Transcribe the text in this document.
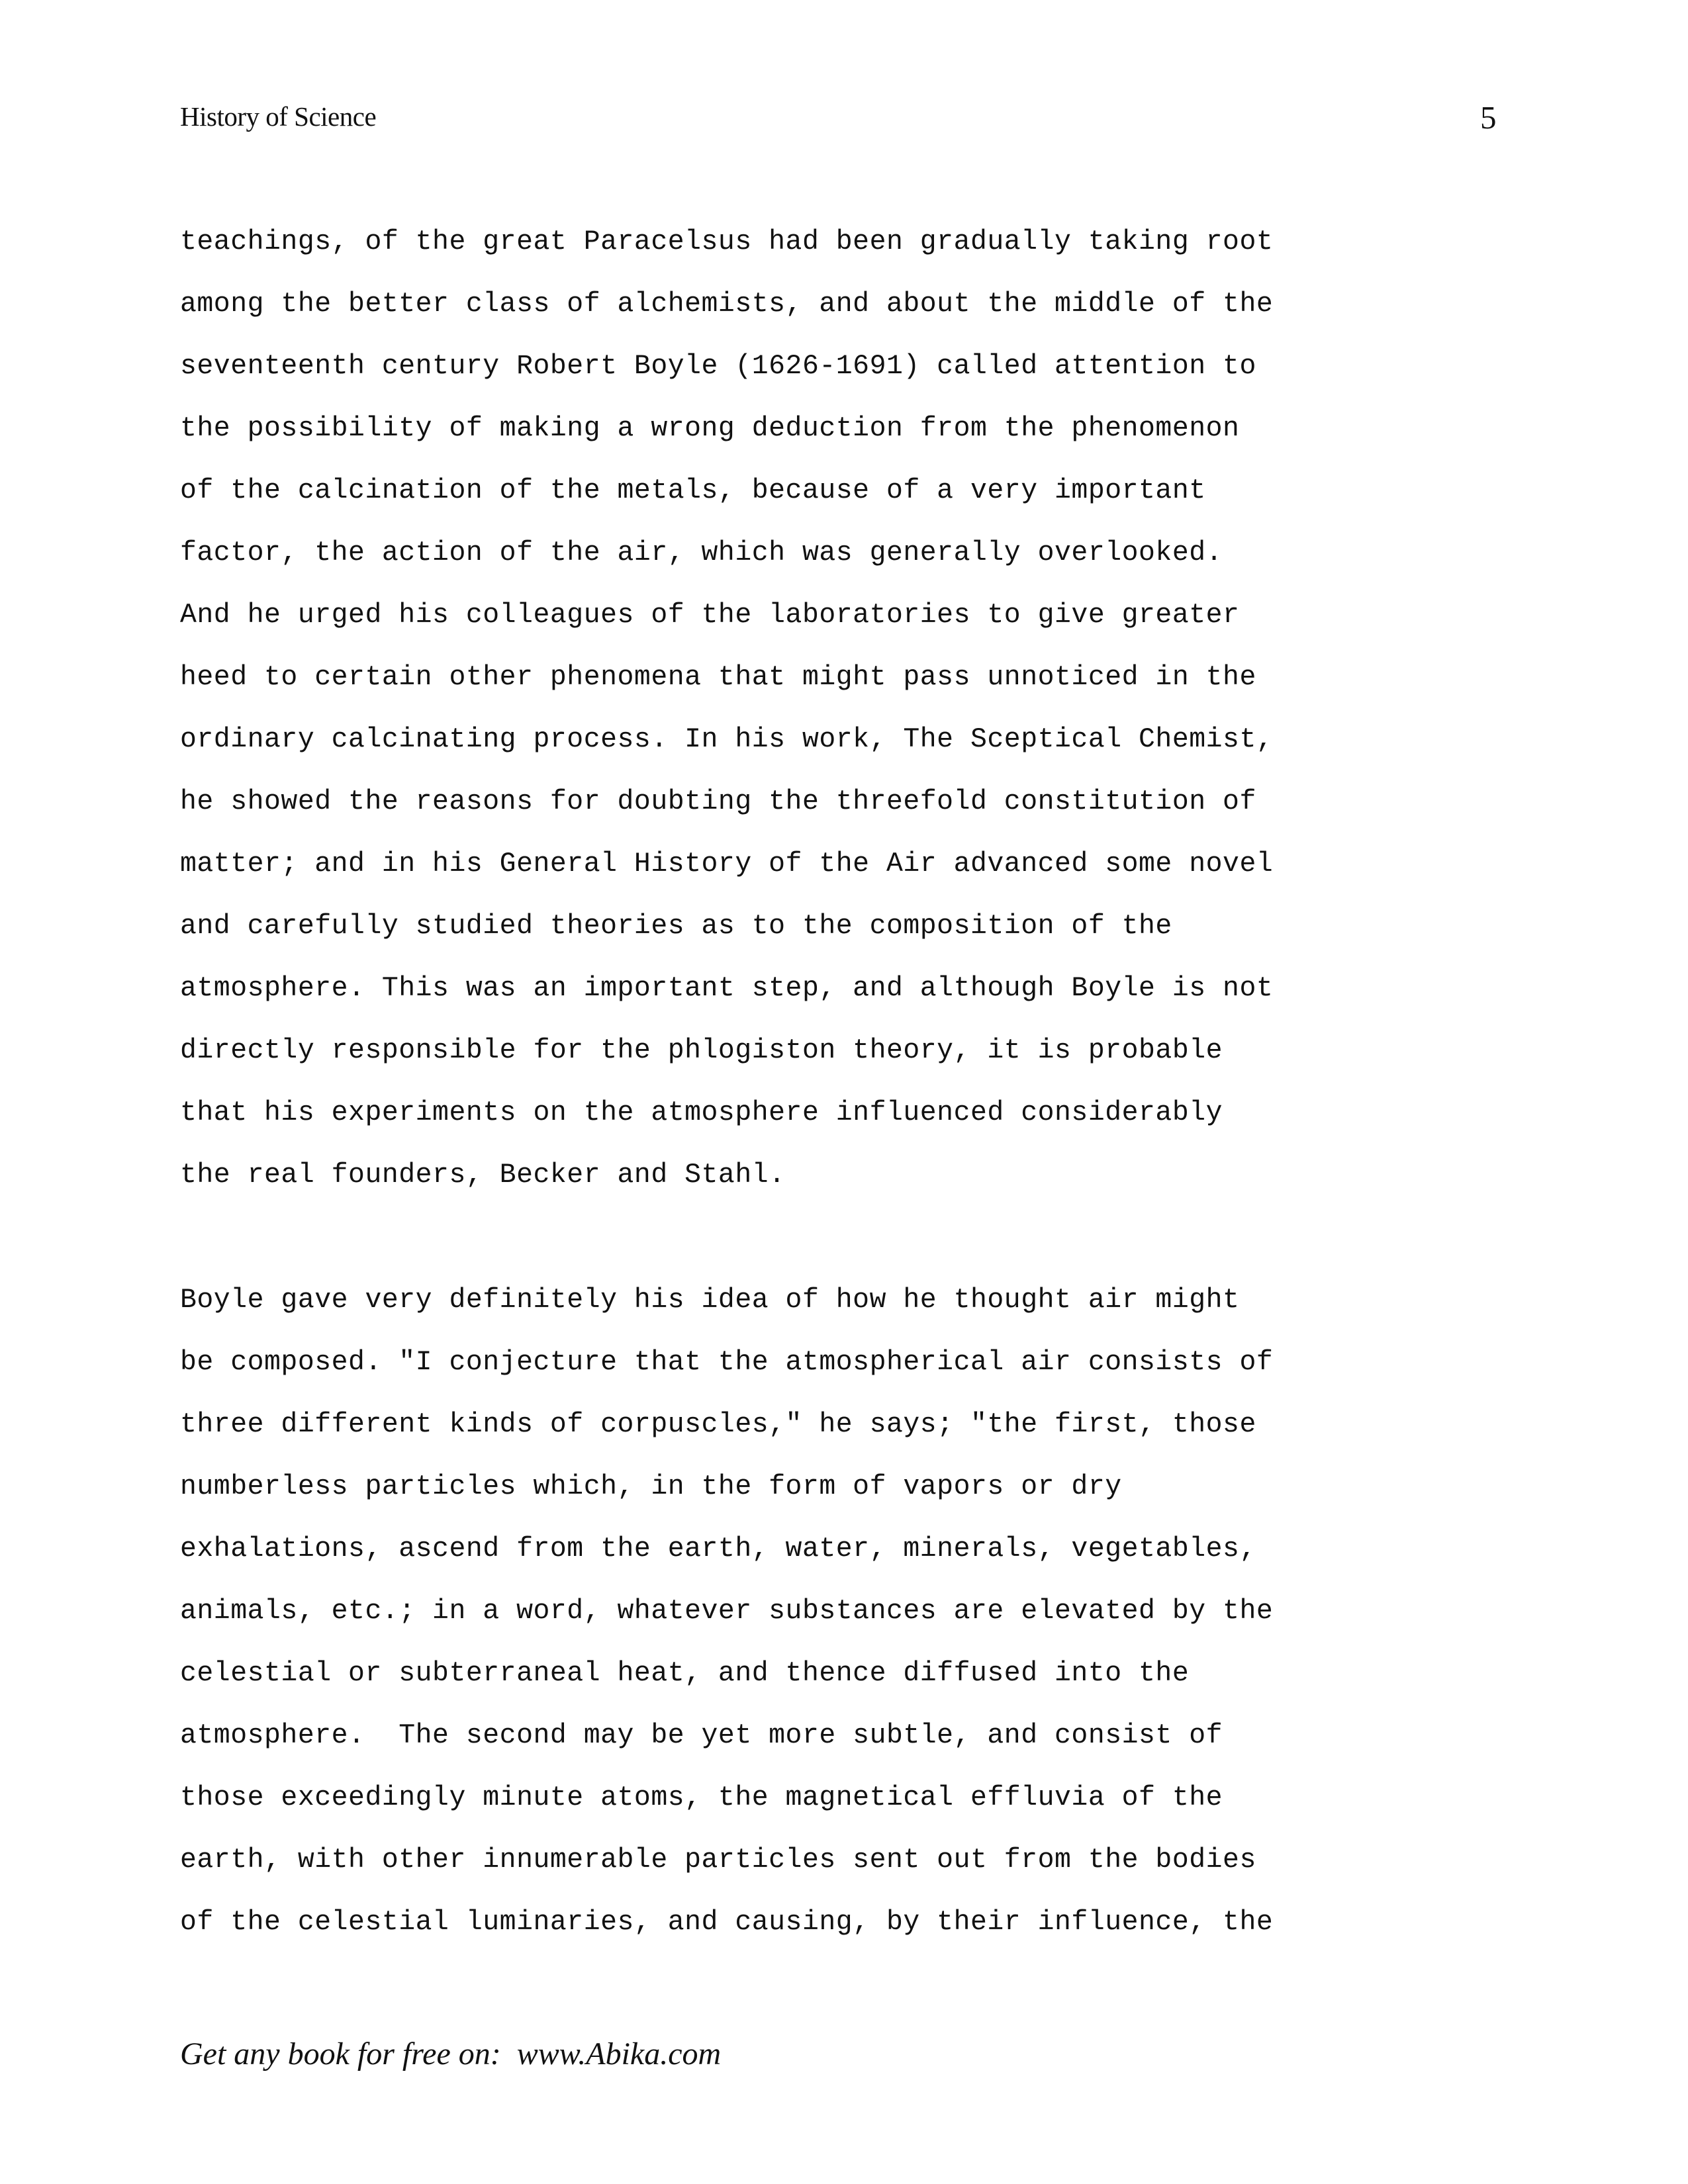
History of Science	5
teachings, of the great Paracelsus had been gradually taking root
among the better class of alchemists, and about the middle of the
seventeenth century Robert Boyle (1626-1691) called attention to
the possibility of making a wrong deduction from the phenomenon
of the calcination of the metals, because of a very important
factor, the action of the air, which was generally overlooked.
And he urged his colleagues of the laboratories to give greater
heed to certain other phenomena that might pass unnoticed in the
ordinary calcinating process. In his work, The Sceptical Chemist,
he showed the reasons for doubting the threefold constitution of
matter; and in his General History of the Air advanced some novel
and carefully studied theories as to the composition of the
atmosphere. This was an important step, and although Boyle is not
directly responsible for the phlogiston theory, it is probable
that his experiments on the atmosphere influenced considerably
the real founders, Becker and Stahl.
Boyle gave very definitely his idea of how he thought air might
be composed. "I conjecture that the atmospherical air consists of
three different kinds of corpuscles," he says; "the first, those
numberless particles which, in the form of vapors or dry
exhalations, ascend from the earth, water, minerals, vegetables,
animals, etc.; in a word, whatever substances are elevated by the
celestial or subterraneal heat, and thence diffused into the
atmosphere.  The second may be yet more subtle, and consist of
those exceedingly minute atoms, the magnetical effluvia of the
earth, with other innumerable particles sent out from the bodies
of the celestial luminaries, and causing, by their influence, the
Get any book for free on:  www.Abika.com
